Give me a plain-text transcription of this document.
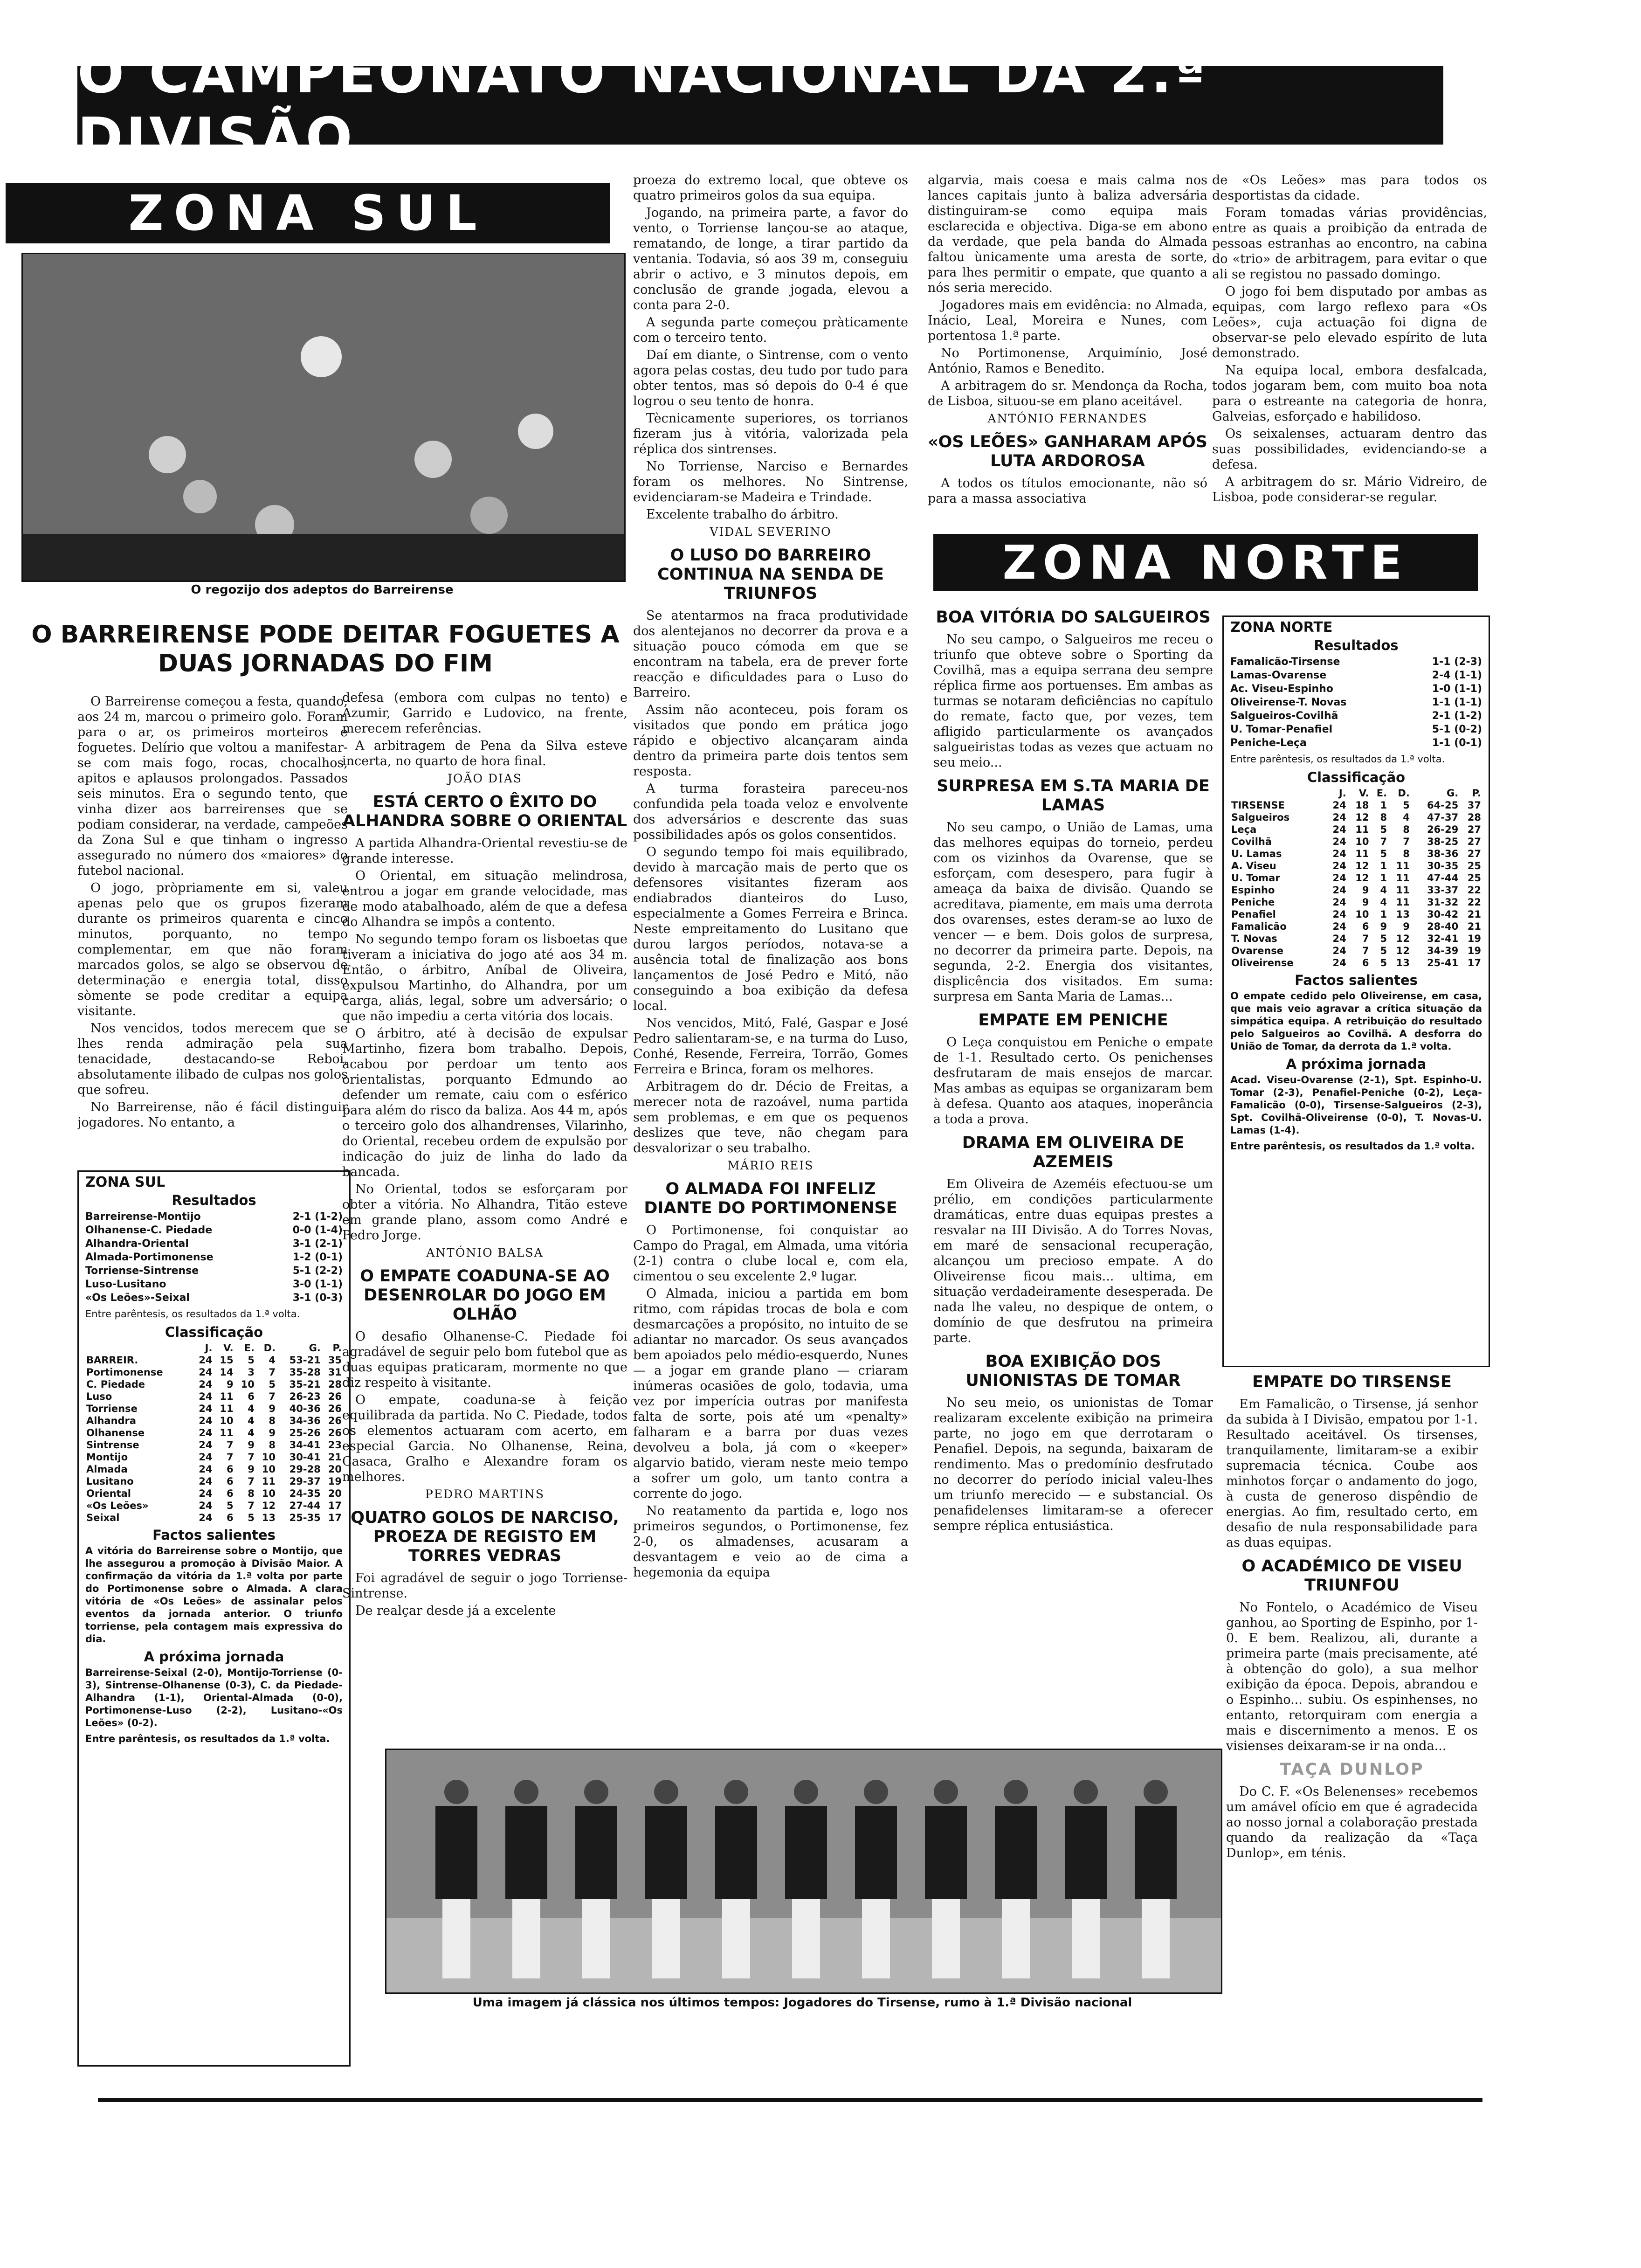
O CAMPEONATO NACIONAL DA 2.ª DIVISÃO
ZONA SUL
O regozijo dos adeptos do Barreirense
O BARREIRENSE PODE DEITAR FOGUETES A DUAS JORNADAS DO FIM

O Barreirense começou a festa, quando, aos 24 m, marcou o primeiro golo. Foram para o ar, os primeiros morteiros e foguetes. Delírio que voltou a manifestar-se com mais fogo, rocas, chocalhos, apitos e aplausos prolongados. Passados seis minutos. Era o segundo tento, que vinha dizer aos barreirenses que se podiam considerar, na verdade, campeões da Zona Sul e que tinham o ingresso assegurado no número dos «maiores» do futebol nacional.

O jogo, pròpriamente em si, valeu apenas pelo que os grupos fizeram durante os primeiros quarenta e cinco minutos, porquanto, no tempo complementar, em que não foram marcados golos, se algo se observou de determinação e energia total, disso sòmente se pode creditar a equipa visitante.

Nos vencidos, todos merecem que se lhes renda admiração pela sua tenacidade, destacando-se Reboi, absolutamente ilibado de culpas nos golos que sofreu.

No Barreirense, não é fácil distinguir jogadores. No entanto, a

ZONA SUL
Resultados
Barreirense-Montijo	2-1 (1-2)
Olhanense-C. Piedade	0-0 (1-4)
Alhandra-Oriental	3-1 (2-1)
Almada-Portimonense	1-2 (0-1)
Torriense-Sintrense	5-1 (2-2)
Luso-Lusitano	3-0 (1-1)
«Os Leões»-Seixal	3-1 (0-3)
Entre parêntesis, os resultados da 1.ª volta.
Classificação
	J.	V.	E.	D.	G.	P.
BARREIR.	24	15	5	4	53-21	35
Portimonense	24	14	3	7	35-28	31
C. Piedade	24	9	10	5	35-21	28
Luso	24	11	6	7	26-23	26
Torriense	24	11	4	9	40-36	26
Alhandra	24	10	4	8	34-36	26
Olhanense	24	11	4	9	25-26	26
Sintrense	24	7	9	8	34-41	23
Montijo	24	7	7	10	30-41	21
Almada	24	6	9	10	29-28	20
Lusitano	24	6	7	11	29-37	19
Oriental	24	6	8	10	24-35	20
«Os Leões»	24	5	7	12	27-44	17
Seixal	24	6	5	13	25-35	17
Factos salientes
A vitória do Barreirense sobre o Montijo, que lhe assegurou a promoção à Divisão Maior. A confirmação da vitória da 1.ª volta por parte do Portimonense sobre o Almada. A clara vitória de «Os Leões» de assinalar pelos eventos da jornada anterior. O triunfo torriense, pela contagem mais expressiva do dia.
A próxima jornada
Barreirense-Seixal (2-0), Montijo-Torriense (0-3), Sintrense-Olhanense (0-3), C. da Piedade-Alhandra (1-1), Oriental-Almada (0-0), Portimonense-Luso (2-2), Lusitano-«Os Leões» (0-2).
Entre parêntesis, os resultados da 1.ª volta.

defesa (embora com culpas no tento) e Azumir, Garrido e Ludovico, na frente, merecem referências.

A arbitragem de Pena da Silva esteve incerta, no quarto de hora final.

JOÃO DIAS
ESTÁ CERTO O ÊXITO DO ALHANDRA SOBRE O ORIENTAL

A partida Alhandra-Oriental revestiu-se de grande interesse.

O Oriental, em situação melindrosa, entrou a jogar em grande velocidade, mas de modo atabalhoado, além de que a defesa do Alhandra se impôs a contento.

No segundo tempo foram os lisboetas que tiveram a iniciativa do jogo até aos 34 m. Então, o árbitro, Aníbal de Oliveira, expulsou Martinho, do Alhandra, por um carga, aliás, legal, sobre um adversário; o que não impediu a certa vitória dos locais.

O árbitro, até à decisão de expulsar Martinho, fizera bom trabalho. Depois, acabou por perdoar um tento aos orientalistas, porquanto Edmundo ao defender um remate, caiu com o esférico para além do risco da baliza. Aos 44 m, após o terceiro golo dos alhandrenses, Vilarinho, do Oriental, recebeu ordem de expulsão por indicação do juiz de linha do lado da bancada.

No Oriental, todos se esforçaram por obter a vitória. No Alhandra, Titão esteve em grande plano, assom como André e Pedro Jorge.

ANTÓNIO BALSA
O EMPATE COADUNA-SE AO DESENROLAR DO JOGO EM OLHÃO

O desafio Olhanense-C. Piedade foi agradável de seguir pelo bom futebol que as duas equipas praticaram, mormente no que diz respeito à visitante.

O empate, coaduna-se à feição equilibrada da partida. No C. Piedade, todos os elementos actuaram com acerto, em especial Garcia. No Olhanense, Reina, Casaca, Gralho e Alexandre foram os melhores.

PEDRO MARTINS
QUATRO GOLOS DE NARCISO, PROEZA DE REGISTO EM TORRES VEDRAS

Foi agradável de seguir o jogo Torriense-Sintrense.

De realçar desde já a excelente

proeza do extremo local, que obteve os quatro primeiros golos da sua equipa.

Jogando, na primeira parte, a favor do vento, o Torriense lançou-se ao ataque, rematando, de longe, a tirar partido da ventania. Todavia, só aos 39 m, conseguiu abrir o activo, e 3 minutos depois, em conclusão de grande jogada, elevou a conta para 2-0.

A segunda parte começou pràticamente com o terceiro tento.

Daí em diante, o Sintrense, com o vento agora pelas costas, deu tudo por tudo para obter tentos, mas só depois do 0-4 é que logrou o seu tento de honra.

Tècnicamente superiores, os torrianos fizeram jus à vitória, valorizada pela réplica dos sintrenses.

No Torriense, Narciso e Bernardes foram os melhores. No Sintrense, evidenciaram-se Madeira e Trindade.

Excelente trabalho do árbitro.

VIDAL SEVERINO
O LUSO DO BARREIRO CONTINUA NA SENDA DE TRIUNFOS

Se atentarmos na fraca produtividade dos alentejanos no decorrer da prova e a situação pouco cómoda em que se encontram na tabela, era de prever forte reacção e dificuldades para o Luso do Barreiro.

Assim não aconteceu, pois foram os visitados que pondo em prática jogo rápido e objectivo alcançaram ainda dentro da primeira parte dois tentos sem resposta.

A turma forasteira pareceu-nos confundida pela toada veloz e envolvente dos adversários e descrente das suas possibilidades após os golos consentidos.

O segundo tempo foi mais equilibrado, devido à marcação mais de perto que os defensores visitantes fizeram aos endiabrados dianteiros do Luso, especialmente a Gomes Ferreira e Brinca. Neste empreitamento do Lusitano que durou largos períodos, notava-se a ausência total de finalização aos bons lançamentos de José Pedro e Mitó, não conseguindo a boa exibição da defesa local.

Nos vencidos, Mitó, Falé, Gaspar e José Pedro salientaram-se, e na turma do Luso, Conhé, Resende, Ferreira, Torrão, Gomes Ferreira e Brinca, foram os melhores.

Arbitragem do dr. Décio de Freitas, a merecer nota de razoável, numa partida sem problemas, e em que os pequenos deslizes que teve, não chegam para desvalorizar o seu trabalho.

MÁRIO REIS
O ALMADA FOI INFELIZ DIANTE DO PORTIMONENSE

O Portimonense, foi conquistar ao Campo do Pragal, em Almada, uma vitória (2-1) contra o clube local e, com ela, cimentou o seu excelente 2.º lugar.

O Almada, iniciou a partida em bom ritmo, com rápidas trocas de bola e com desmarcações a propósito, no intuito de se adiantar no marcador. Os seus avançados bem apoiados pelo médio-esquerdo, Nunes — a jogar em grande plano — criaram inúmeras ocasiões de golo, todavia, uma vez por imperícia outras por manifesta falta de sorte, pois até um «penalty» falharam e a barra por duas vezes devolveu a bola, já com o «keeper» algarvio batido, vieram neste meio tempo a sofrer um golo, um tanto contra a corrente do jogo.

No reatamento da partida e, logo nos primeiros segundos, o Portimonense, fez 2-0, os almadenses, acusaram a desvantagem e veio ao de cima a hegemonia da equipa

algarvia, mais coesa e mais calma nos lances capitais junto à baliza adversária distinguiram-se como equipa mais esclarecida e objectiva. Diga-se em abono da verdade, que pela banda do Almada faltou ùnicamente uma aresta de sorte, para lhes permitir o empate, que quanto a nós seria merecido.

Jogadores mais em evidência: no Almada, Inácio, Leal, Moreira e Nunes, com portentosa 1.ª parte.

No Portimonense, Arquimínio, José António, Ramos e Benedito.

A arbitragem do sr. Mendonça da Rocha, de Lisboa, situou-se em plano aceitável.

ANTÓNIO FERNANDES
«OS LEÕES» GANHARAM APÓS LUTA ARDOROSA

A todos os títulos emocionante, não só para a massa associativa

de «Os Leões» mas para todos os desportistas da cidade.

Foram tomadas várias providências, entre as quais a proibição da entrada de pessoas estranhas ao encontro, na cabina do «trio» de arbitragem, para evitar o que ali se registou no passado domingo.

O jogo foi bem disputado por ambas as equipas, com largo reflexo para «Os Leões», cuja actuação foi digna de observar-se pelo elevado espírito de luta demonstrado.

Na equipa local, embora desfalcada, todos jogaram bem, com muito boa nota para o estreante na categoria de honra, Galveias, esforçado e habilidoso.

Os seixalenses, actuaram dentro das suas possibilidades, evidenciando-se a defesa.

A arbitragem do sr. Mário Vidreiro, de Lisboa, pode considerar-se regular.

ZONA NORTE
BOA VITÓRIA DO SALGUEIROS

No seu campo, o Salgueiros me receu o triunfo que obteve sobre o Sporting da Covilhã, mas a equipa serrana deu sempre réplica firme aos portuenses. Em ambas as turmas se notaram deficiências no capítulo do remate, facto que, por vezes, tem afligido particularmente os avançados salgueiristas todas as vezes que actuam no seu meio...

SURPRESA EM S.TA MARIA DE LAMAS

No seu campo, o União de Lamas, uma das melhores equipas do torneio, perdeu com os vizinhos da Ovarense, que se esforçam, com desespero, para fugir à ameaça da baixa de divisão. Quando se acreditava, piamente, em mais uma derrota dos ovarenses, estes deram-se ao luxo de vencer — e bem. Dois golos de surpresa, no decorrer da primeira parte. Depois, na segunda, 2-2. Energia dos visitantes, displicência dos visitados. Em suma: surpresa em Santa Maria de Lamas...

EMPATE EM PENICHE

O Leça conquistou em Peniche o empate de 1-1. Resultado certo. Os penichenses desfrutaram de mais ensejos de marcar. Mas ambas as equipas se organizaram bem à defesa. Quanto aos ataques, inoperância a toda a prova.

DRAMA EM OLIVEIRA DE AZEMEIS

Em Oliveira de Azeméis efectuou-se um prélio, em condições particularmente dramáticas, entre duas equipas prestes a resvalar na III Divisão. A do Torres Novas, em maré de sensacional recuperação, alcançou um precioso empate. A do Oliveirense ficou mais... ultima, em situação verdadeiramente desesperada. De nada lhe valeu, no despique de ontem, o domínio de que desfrutou na primeira parte.

BOA EXIBIÇÃO DOS UNIONISTAS DE TOMAR

No seu meio, os unionistas de Tomar realizaram excelente exibição na primeira parte, no jogo em que derrotaram o Penafiel. Depois, na segunda, baixaram de rendimento. Mas o predomínio desfrutado no decorrer do período inicial valeu-lhes um triunfo merecido — e substancial. Os penafidelenses limitaram-se a oferecer sempre réplica entusiástica.

ZONA NORTE
Resultados
Famalicão-Tirsense	1-1 (2-3)
Lamas-Ovarense	2-4 (1-1)
Ac. Viseu-Espinho	1-0 (1-1)
Oliveirense-T. Novas	1-1 (1-1)
Salgueiros-Covilhã	2-1 (1-2)
U. Tomar-Penafiel	5-1 (0-2)
Peniche-Leça	1-1 (0-1)
Entre parêntesis, os resultados da 1.ª volta.
Classificação
	J.	V.	E.	D.	G.	P.
TIRSENSE	24	18	1	5	64-25	37
Salgueiros	24	12	8	4	47-37	28
Leça	24	11	5	8	26-29	27
Covilhã	24	10	7	7	38-25	27
U. Lamas	24	11	5	8	38-36	27
A. Viseu	24	12	1	11	30-35	25
U. Tomar	24	12	1	11	47-44	25
Espinho	24	9	4	11	33-37	22
Peniche	24	9	4	11	31-32	22
Penafiel	24	10	1	13	30-42	21
Famalicão	24	6	9	9	28-40	21
T. Novas	24	7	5	12	32-41	19
Ovarense	24	7	5	12	34-39	19
Oliveirense	24	6	5	13	25-41	17
Factos salientes
O empate cedido pelo Oliveirense, em casa, que mais veio agravar a crítica situação da simpática equipa. A retribuição do resultado pelo Salgueiros ao Covilhã. A desforra do União de Tomar, da derrota da 1.ª volta.
A próxima jornada
Acad. Viseu-Ovarense (2-1), Spt. Espinho-U. Tomar (2-3), Penafiel-Peniche (0-2), Leça-Famalicão (0-0), Tirsense-Salgueiros (2-3), Spt. Covilhã-Oliveirense (0-0), T. Novas-U. Lamas (1-4).
Entre parêntesis, os resultados da 1.ª volta.
EMPATE DO TIRSENSE

Em Famalicão, o Tirsense, já senhor da subida à I Divisão, empatou por 1-1. Resultado aceitável. Os tirsenses, tranquilamente, limitaram-se a exibir supremacia técnica. Coube aos minhotos forçar o andamento do jogo, à custa de generoso dispêndio de energias. Ao fim, resultado certo, em desafio de nula responsabilidade para as duas equipas.

O ACADÉMICO DE VISEU TRIUNFOU

No Fontelo, o Académico de Viseu ganhou, ao Sporting de Espinho, por 1-0. E bem. Realizou, ali, durante a primeira parte (mais precisamente, até à obtenção do golo), a sua melhor exibição da época. Depois, abrandou e o Espinho... subiu. Os espinhenses, no entanto, retorquiram com energia a mais e discernimento a menos. E os visienses deixaram-se ir na onda...

TAÇA DUNLOP

Do C. F. «Os Belenenses» recebemos um amável ofício em que é agradecida ao nosso jornal a colaboração prestada quando da realização da «Taça Dunlop», em ténis.

Uma imagem já clássica nos últimos tempos: Jogadores do Tirsense, rumo à 1.ª Divisão nacional
